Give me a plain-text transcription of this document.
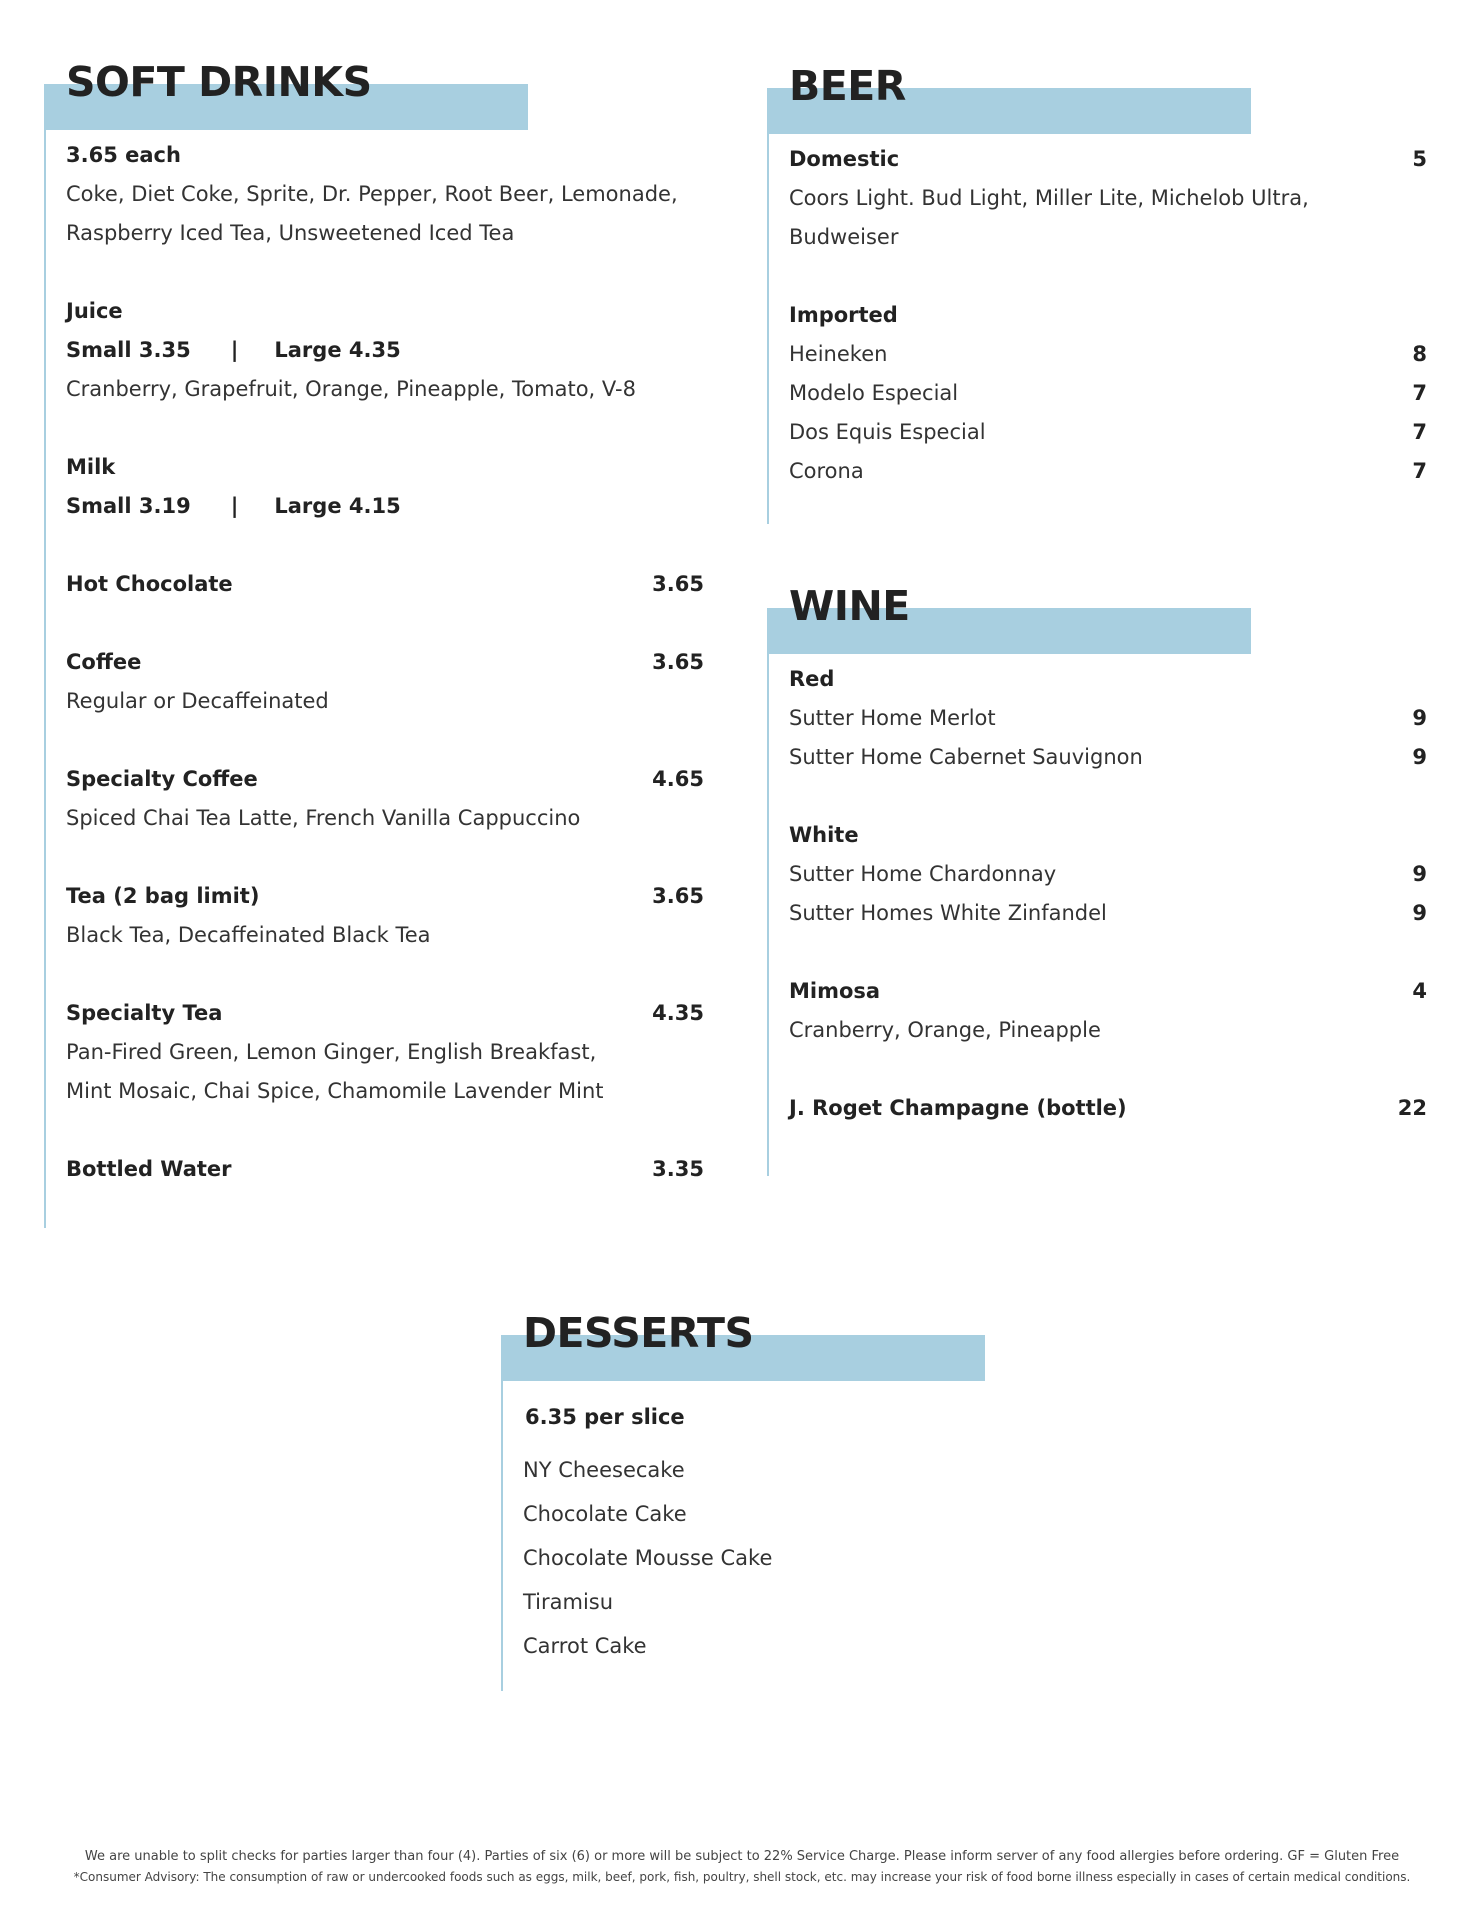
SOFT DRINKS
3.65 each
Coke, Diet Coke, Sprite, Dr. Pepper, Root Beer, Lemonade,
Raspberry Iced Tea, Unsweetened Iced Tea
Juice
Small 3.35 | Large 4.35
Cranberry, Grapefruit, Orange, Pineapple, Tomato, V-8
Milk
Small 3.19 | Large 4.15
Hot Chocolate	3.65
Coffee	3.65
Regular or Decaffeinated
Specialty Coffee	4.65
Spiced Chai Tea Latte, French Vanilla Cappuccino
Tea (2 bag limit)	3.65
Black Tea, Decaffeinated Black Tea
Specialty Tea	4.35
Pan-Fired Green, Lemon Ginger, English Breakfast,
Mint Mosaic, Chai Spice, Chamomile Lavender Mint
Bottled Water	3.35
BEER
Domestic	5
Coors Light. Bud Light, Miller Lite, Michelob Ultra,
Budweiser
Imported
Heineken	8
Modelo Especial	7
Dos Equis Especial	7
Corona	7
WINE
Red
Sutter Home Merlot	9
Sutter Home Cabernet Sauvignon	9
White
Sutter Home Chardonnay	9
Sutter Homes White Zinfandel	9
Mimosa	4
Cranberry, Orange, Pineapple
J. Roget Champagne (bottle)	22
DESSERTS
6.35 per slice
NY Cheesecake
Chocolate Cake
Chocolate Mousse Cake
Tiramisu
Carrot Cake
We are unable to split checks for parties larger than four (4). Parties of six (6) or more will be subject to 22% Service Charge. Please inform server of any food allergies before ordering. GF = Gluten Free
*Consumer Advisory: The consumption of raw or undercooked foods such as eggs, milk, beef, pork, fish, poultry, shell stock, etc. may increase your risk of food borne illness especially in cases of certain medical conditions.
